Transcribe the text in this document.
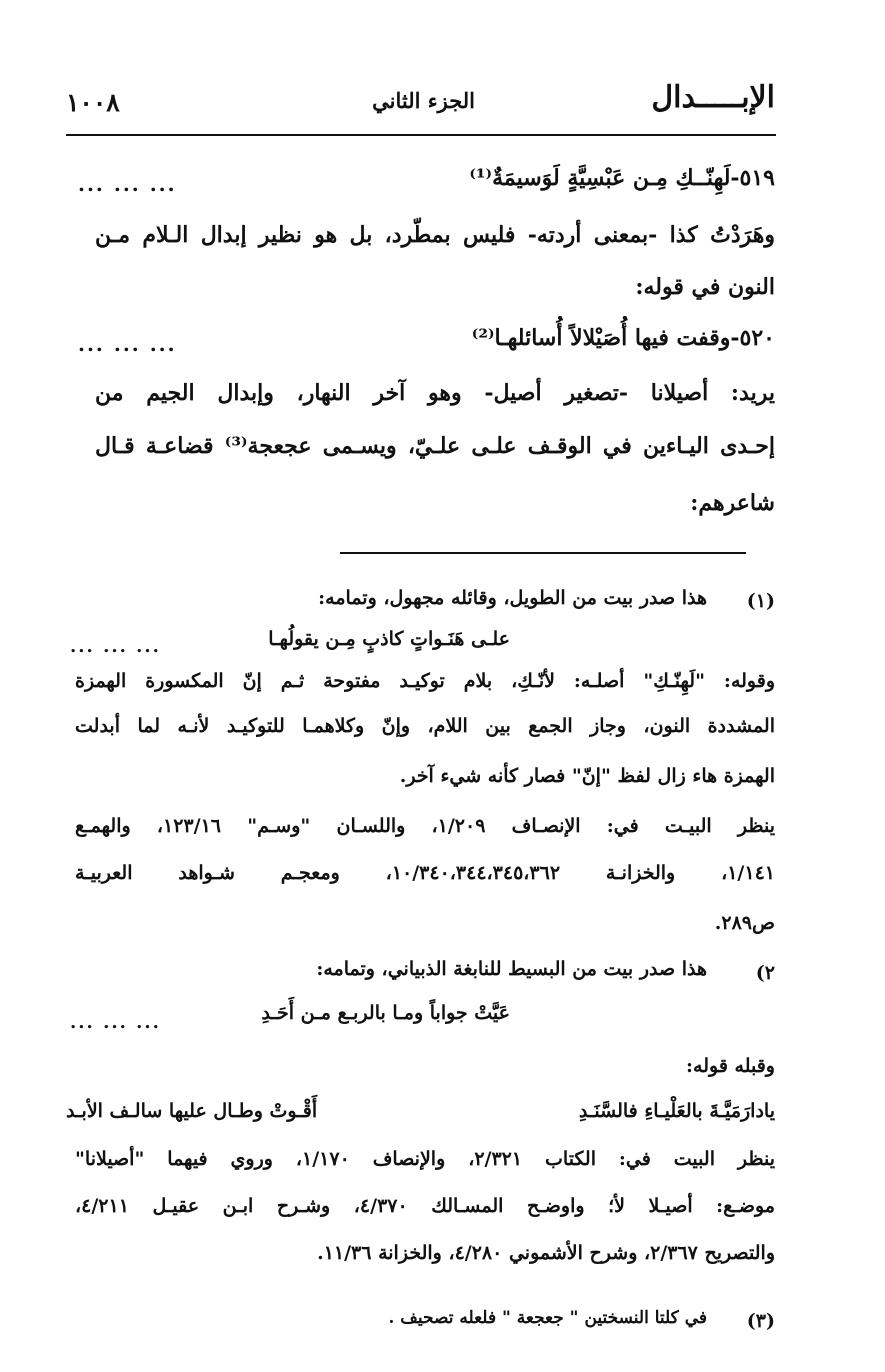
الإبـــــدال
الجزء الثاني
١٠٠٨
٥١٩-لَهِنّــكِ مِـن عَبْسِيَّةٍ لَوَسيمَةٌ⁽¹⁾
... ... ...
وهَرَدْتُ كذا -بمعنى أردته- فليس بمطّرد، بل هو نظير إبدال الـلام مـن
النون في قوله:
٥٢٠-وقفت فيها أُصَيْلالاً أُسائلهـا⁽²⁾
... ... ...
يريد: أصيلانا -تصغير أصيل- وهو آخر النهار، وإبدال الجيم من
إحـدى اليـاءين في الوقـف علـى علـيّ، ويسـمى عجعجة⁽³⁾ قضاعـة قـال
شاعرهم:
(١)
هذا صدر بيت من الطويل، وقائله مجهول، وتمامه:
علـى هَنَـواتٍ كاذبٍ مِـن يقولُهـا
... ... ...
وقوله: "لَهِنّـكِ" أصلـه: لأنّـكِ، بلام توكيـد مفتوحة ثـم إنّ المكسورة الهمزة
المشددة النون، وجاز الجمع بين اللام، وإنّ وكلاهمـا للتوكيـد لأنـه لما أبدلت
الهمزة هاء زال لفظ "إنّ" فصار كأنه شيء آخر.
ينظر البيـت في: الإنصـاف ١/٢٠٩، واللسـان "وسـم" ١٢٣/١٦، والهمـع
١/١٤١، والخزانـة ١٠/٣٤٠،٣٤٤،٣٤٥،٣٦٢، ومعجـم شـواهد العربيـة
ص٢٨٩.
(٢
هذا صدر بيت من البسيط للنابغة الذبياني، وتمامه:
عَيَّتْ جواباً ومـا بالربـع مـن أَحَـدِ
... ... ...
وقبله قوله:
يادارَمَيَّـةَ بالعَلْيـاءِ فالسَّنَـدِ
أَقْـوتْ وطـال عليها سالـف الأبـد
ينظر البيت في: الكتاب ٢/٣٢١، والإنصاف ١/١٧٠، وروي فيهما "أصيلانا"
موضـع: أصيـلا لأ؛ واوضـح المسـالك ٤/٣٧٠، وشـرح ابـن عقيـل ٤/٢١١،
والتصريح ٢/٣٦٧، وشرح الأشموني ٤/٢٨٠، والخزانة ١١/٣٦.
(٣)
في كلتا النسختين " جعجعة " فلعله تصحيف .
